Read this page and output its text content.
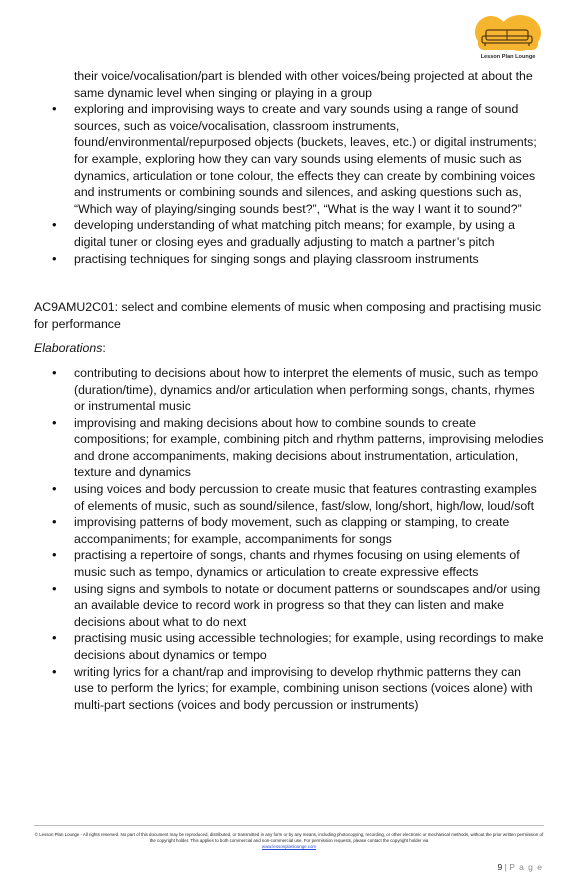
Lesson Plan Lounge
their voice/vocalisation/part is blended with other voices/being projected at about the same dynamic level when singing or playing in a group
• exploring and improvising ways to create and vary sounds using a range of sound sources, such as voice/vocalisation, classroom instruments, found/environmental/repurposed objects (buckets, leaves, etc.) or digital instruments; for example, exploring how they can vary sounds using elements of music such as dynamics, articulation or tone colour, the effects they can create by combining voices and instruments or combining sounds and silences, and asking questions such as, “Which way of playing/singing sounds best?”, “What is the way I want it to sound?”
• developing understanding of what matching pitch means; for example, by using a digital tuner or closing eyes and gradually adjusting to match a partner’s pitch
• practising techniques for singing songs and playing classroom instruments
AC9AMU2C01: select and combine elements of music when composing and practising music for performance
Elaborations:
• contributing to decisions about how to interpret the elements of music, such as tempo (duration/time), dynamics and/or articulation when performing songs, chants, rhymes or instrumental music
• improvising and making decisions about how to combine sounds to create compositions; for example, combining pitch and rhythm patterns, improvising melodies and drone accompaniments, making decisions about instrumentation, articulation, texture and dynamics
• using voices and body percussion to create music that features contrasting examples of elements of music, such as sound/silence, fast/slow, long/short, high/low, loud/soft
• improvising patterns of body movement, such as clapping or stamping, to create accompaniments; for example, accompaniments for songs
• practising a repertoire of songs, chants and rhymes focusing on using elements of music such as tempo, dynamics or articulation to create expressive effects
• using signs and symbols to notate or document patterns or soundscapes and/or using an available device to record work in progress so that they can listen and make decisions about what to do next
• practising music using accessible technologies; for example, using recordings to make decisions about dynamics or tempo
• writing lyrics for a chant/rap and improvising to develop rhythmic patterns they can use to perform the lyrics; for example, combining unison sections (voices alone) with multi-part sections (voices and body percussion or instruments)
© Lesson Plan Lounge - All rights reserved. No part of this document may be reproduced, distributed, or transmitted in any form or by any means, including photocopying, recording, or other electronic or mechanical methods, without the prior written permission of the copyright holder. This applies to both commercial and non-commercial use. For permission requests, please contact the copyright holder via
www.lessonplanlounge.com
9 | P a g e
